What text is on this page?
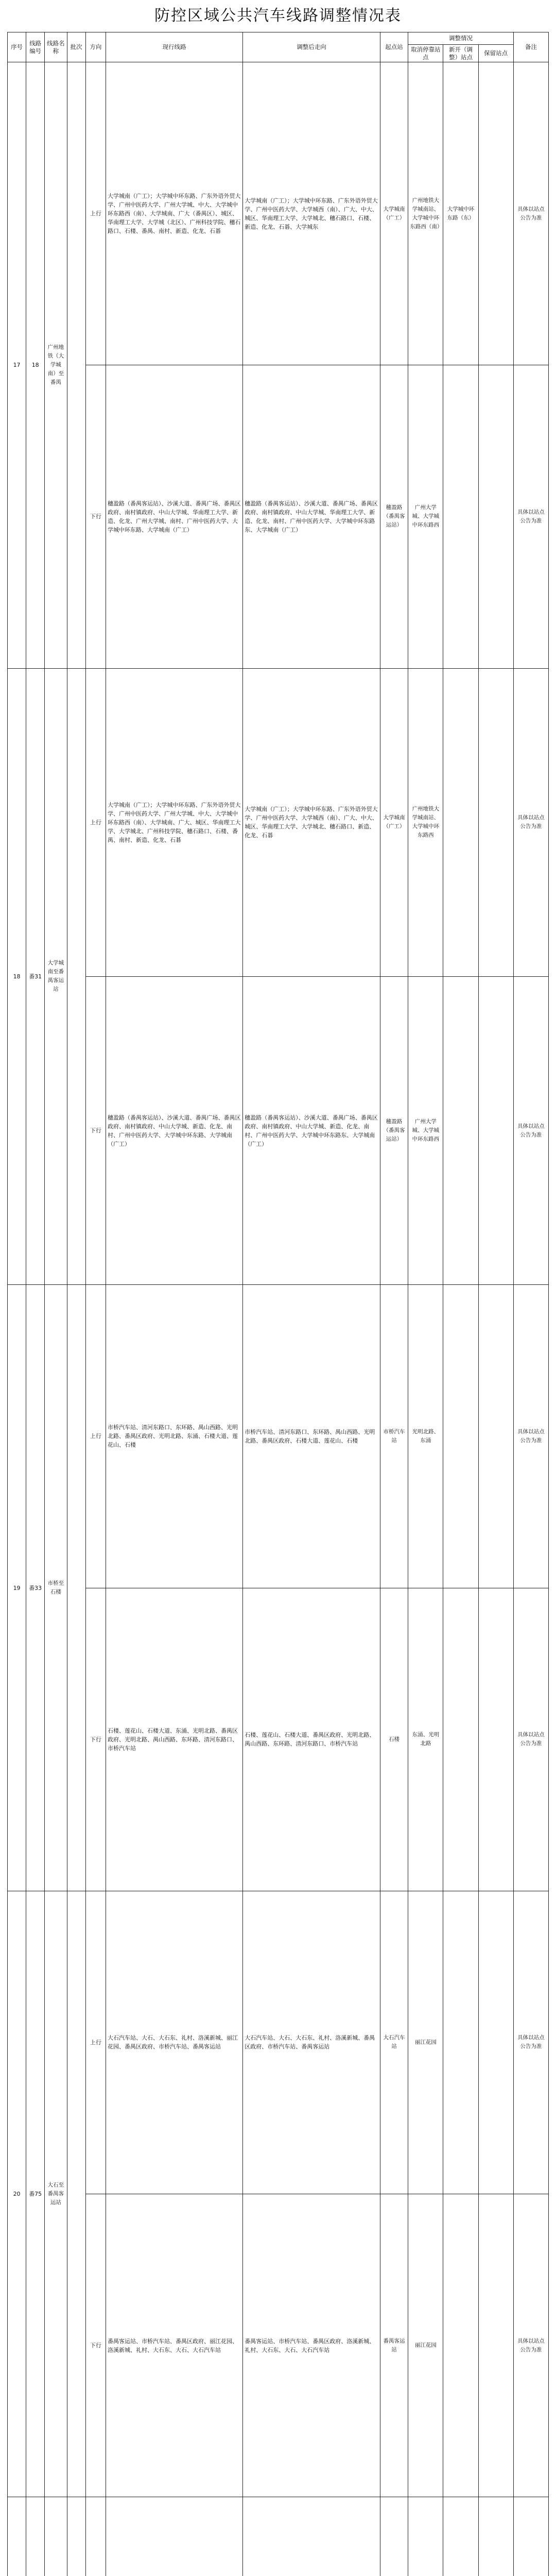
防控区域公共汽车线路调整情况表
序号	线路编号	线路名称	批次	方向	现行线路	调整后走向	起点站	调整情况			备注
								取消停靠站点	新开（调整）站点	保留站点	
17	18	广州地铁（大学城南）至番禺		上行	大学城南（广工）；大学城中环东路、广东外语外贸大学、广州中医药大学、广州大学城、中大、大学城中环东路西（南）、大学城南、广大（番禺区）、城区、华南理工大学、大学城（北区）、广州科技学院、穗石路口、石楼、番禺、南村、新造、化龙、石碁	大学城南（广工）；大学城中环东路、广东外语外贸大学、广州中医药大学、大学城西（南）、广大、中大、城区、华南理工大学、大学城北、穗石路口、石楼、新造、化龙、石碁、大学城东	大学城南（广工）	广州地铁大学城南站、大学城中环东路西（南）	大学城中环东路（东）		具体以站点公告为准
				下行	穗盈路（番禺客运站）、沙溪大道、番禺广场、番禺区政府、南村镇政府、中山大学城、华南理工大学、新造、化龙、广州大学城、南村、广州中医药大学、大学城中环东路、大学城南（广工）	穗盈路（番禺客运站）、沙溪大道、番禺广场、番禺区政府、南村镇政府、中山大学城、华南理工大学、新造、化龙、南村、广州中医药大学、大学城中环东路东、大学城南（广工）	穗盈路（番禺客运站）	广州大学城、大学城中环东路西			具体以站点公告为准
18	番31	大学城南至番禺客运站		上行	大学城南（广工）；大学城中环东路、广东外语外贸大学、广州中医药大学、广州大学城、中大、大学城中环东路西（南）、大学城南、广大、城区、华南理工大学、大学城北、广州科技学院、穗石路口、石楼、番禺、南村、新造、化龙、石碁	大学城南（广工）；大学城中环东路、广东外语外贸大学、广州中医药大学、大学城西（南）、广大、中大、城区、华南理工大学、大学城北、穗石路口、新造、化龙、石碁	大学城南（广工）	广州地铁大学城南站、大学城中环东路西			具体以站点公告为准
				下行	穗盈路（番禺客运站）、沙溪大道、番禺广场、番禺区政府、南村镇政府、中山大学城、新造、化龙、南村、广州中医药大学、大学城中环东路、大学城南（广工）	穗盈路（番禺客运站）、沙溪大道、番禺广场、番禺区政府、南村镇政府、中山大学城、新造、化龙、南村、广州中医药大学、大学城中环东路东、大学城南（广工）	穗盈路（番禺客运站）	广州大学城、大学城中环东路西			具体以站点公告为准
19	番33	市桥至石楼		上行	市桥汽车站、清河东路口、东环路、禺山西路、光明北路、番禺区政府、光明北路、东涌、石楼大道、莲花山、石楼	市桥汽车站、清河东路口、东环路、禺山西路、光明北路、番禺区政府、石楼大道、莲花山、石楼	市桥汽车站	光明北路、东涌			具体以站点公告为准
				下行	石楼、莲花山、石楼大道、东涌、光明北路、番禺区政府、光明北路、禺山西路、东环路、清河东路口、市桥汽车站	石楼、莲花山、石楼大道、番禺区政府、光明北路、禺山西路、东环路、清河东路口、市桥汽车站	石楼	东涌、光明北路			具体以站点公告为准
20	番75	大石至番禺客运站		上行	大石汽车站、大石、大石东、礼村、洛溪新城、丽江花园、番禺区政府、市桥汽车站、番禺客运站	大石汽车站、大石、大石东、礼村、洛溪新城、番禺区政府、市桥汽车站、番禺客运站	大石汽车站	丽江花园			具体以站点公告为准
				下行	番禺客运站、市桥汽车站、番禺区政府、丽江花园、洛溪新城、礼村、大石东、大石、大石汽车站	番禺客运站、市桥汽车站、番禺区政府、洛溪新城、礼村、大石东、大石、大石汽车站	番禺客运站	丽江花园			具体以站点公告为准
